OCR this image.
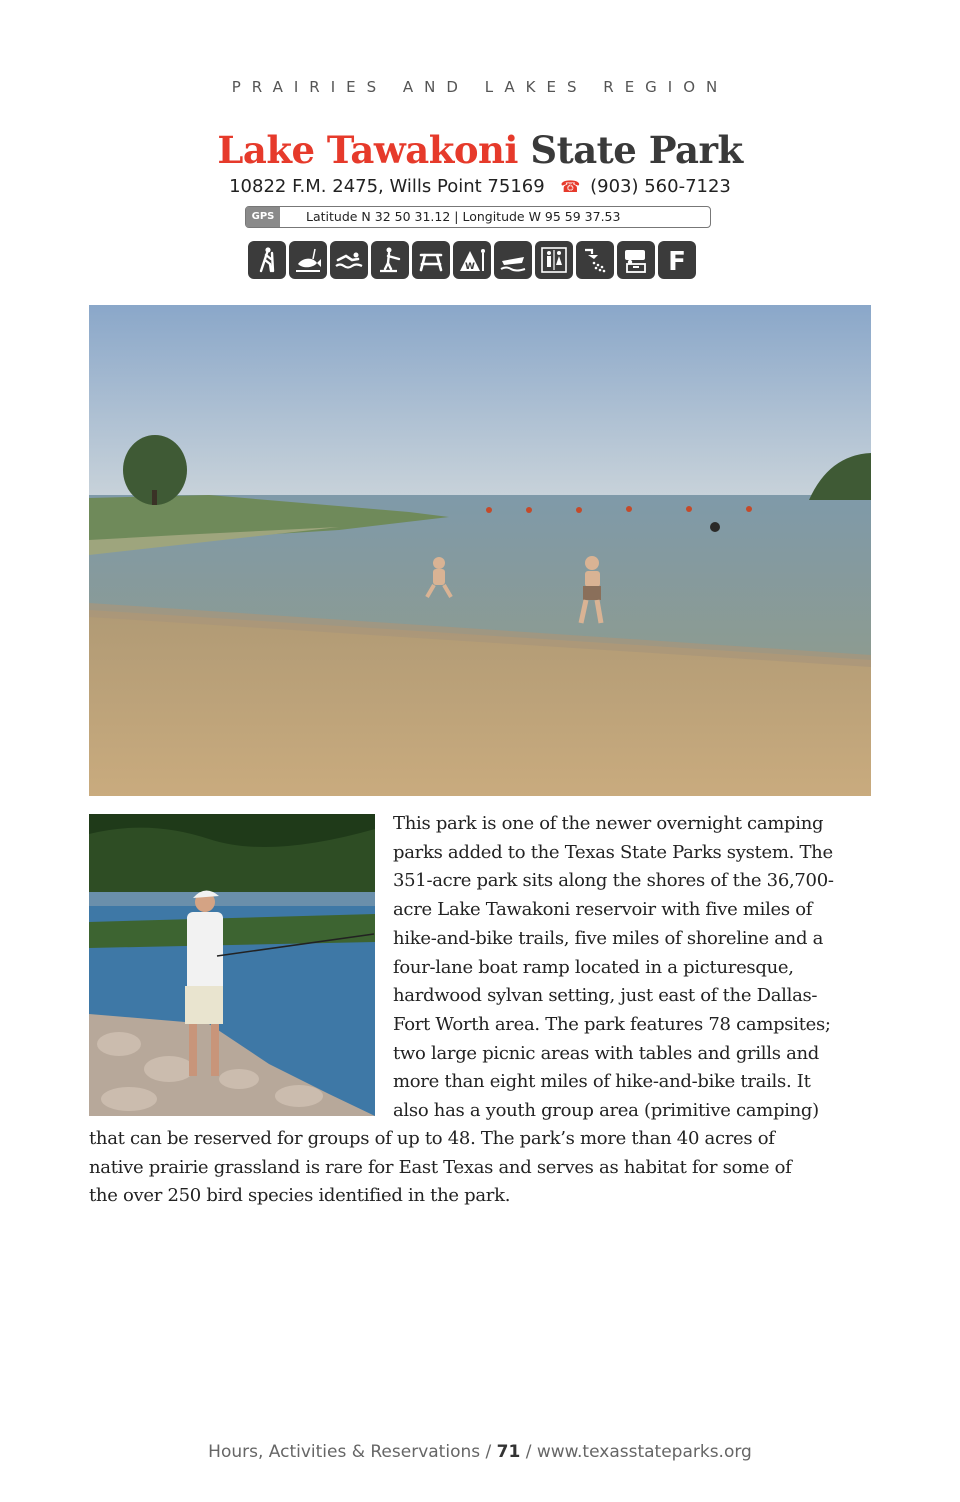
PRAIRIES AND LAKES REGION
Lake Tawakoni State Park
10822 F.M. 2475, Wills Point 75169 ☎ (903) 560-7123
GPS	Latitude N 32 50 31.12 | Longitude W 95 59 37.53
W	F
This park is one of the newer overnight camping
parks added to the Texas State Parks system. The
351-acre park sits along the shores of the 36,700-
acre Lake Tawakoni reservoir with five miles of
hike-and-bike trails, five miles of shoreline and a
four-lane boat ramp located in a picturesque,
hardwood sylvan setting, just east of the Dallas-
Fort Worth area. The park features 78 campsites;
two large picnic areas with tables and grills and
more than eight miles of hike-and-bike trails. It
also has a youth group area (primitive camping)
that can be reserved for groups of up to 48. The park’s more than 40 acres of
native prairie grassland is rare for East Texas and serves as habitat for some of
the over 250 bird species identified in the park.
Hours, Activities & Reservations / 71 / www.texasstateparks.org
